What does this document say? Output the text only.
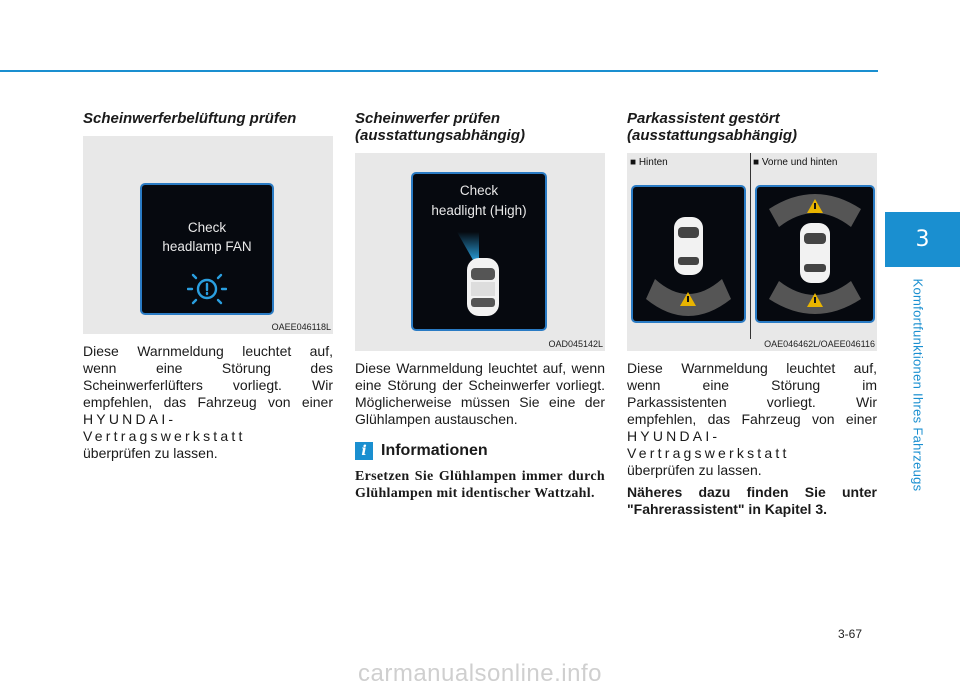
3
Komfortfunktionen Ihres Fahrzeugs
Scheinwerferbelüftung prüfen
Check
headlamp FAN
OAEE046118L

Diese Warnmeldung leuchtet auf,
wenn eine Störung des
Scheinwerferlüfters vorliegt. Wir
empfehlen, das Fahrzeug von einer
HYUNDAI-Vertragswerkstatt
überprüfen zu lassen.

Scheinwerfer prüfen
(ausstattungsabhängig)
Check
headlight (High)
OAD045142L

Diese Warnmeldung leuchtet auf, wenn eine Störung der Scheinwerfer vorliegt. Möglicherweise müssen Sie eine der Glühlampen austauschen.

i Informationen

Ersetzen Sie Glühlampen immer durch Glühlampen mit identischer Wattzahl.

Parkassistent gestört
(ausstattungsabhängig)
■ Hinten	■ Vorne und hinten
OAE046462L/OAEE046116

Diese Warnmeldung leuchtet auf,
wenn eine Störung im
Parkassistenten vorliegt. Wir
empfehlen, das Fahrzeug von einer
HYUNDAI-Vertragswerkstatt
überprüfen zu lassen.

Näheres dazu finden Sie unter "Fahrerassistent" in Kapitel 3.

3-67
carmanualsonline.info
